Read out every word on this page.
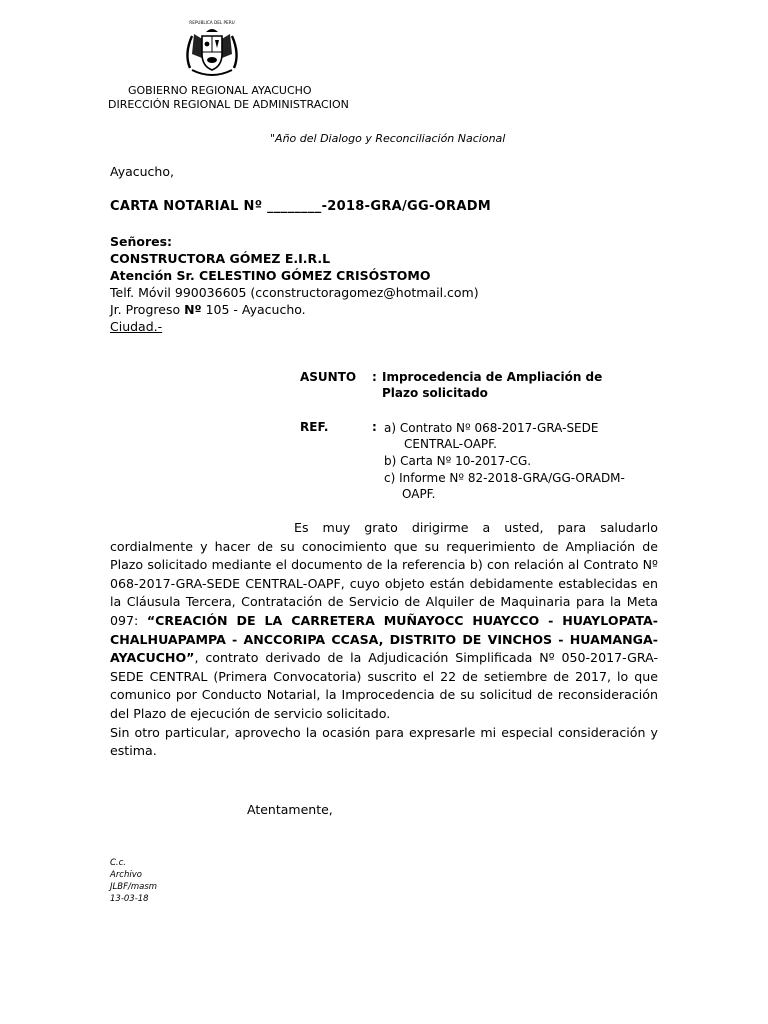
REPUBLICA DEL PERU
GOBIERNO REGIONAL AYACUCHO
DIRECCIÓN REGIONAL DE ADMINISTRACION
"Año del Dialogo y Reconciliación Nacional
Ayacucho,
CARTA NOTARIAL Nº ________-2018-GRA/GG-ORADM
Señores:
CONSTRUCTORA GÓMEZ E.I.R.L
Atención Sr. CELESTINO GÓMEZ CRISÓSTOMO
Telf. Móvil 990036605 (cconstructoragomez@hotmail.com)
Jr. Progreso Nº 105 - Ayacucho.
Ciudad.-
ASUNTO : Improcedencia de Ampliación de
Plazo solicitado
REF.	: a) Contrato Nº 068-2017-GRA-SEDE
CENTRAL-OAPF.
b) Carta Nº 10-2017-CG.
c) Informe Nº 82-2018-GRA/GG-ORADM-
OAPF.

Es muy grato dirigirme a usted, para saludarlo cordialmente y hacer de su conocimiento que su requerimiento de Ampliación de Plazo solicitado mediante el documento de la referencia b) con relación al Contrato Nº 068-2017-GRA-SEDE CENTRAL-OAPF, cuyo objeto están debidamente establecidas en la Cláusula Tercera, Contratación de Servicio de Alquiler de Maquinaria para la Meta 097: “CREACIÓN DE LA CARRETERA MUÑAYOCC HUAYCCO - HUAYLOPATA-CHALHUAPAMPA - ANCCORIPA CCASA, DISTRITO DE VINCHOS - HUAMANGA-AYACUCHO”, contrato derivado de la Adjudicación Simplificada Nº 050-2017-GRA-SEDE CENTRAL (Primera Convocatoria) suscrito el 22 de setiembre de 2017, lo que comunico por Conducto Notarial, la Improcedencia de su solicitud de reconsideración del Plazo de ejecución de servicio solicitado.

Sin otro particular, aprovecho la ocasión para expresarle mi especial consideración y estima.

Atentamente,
C.c.
Archivo
JLBF/masm
13-03-18
